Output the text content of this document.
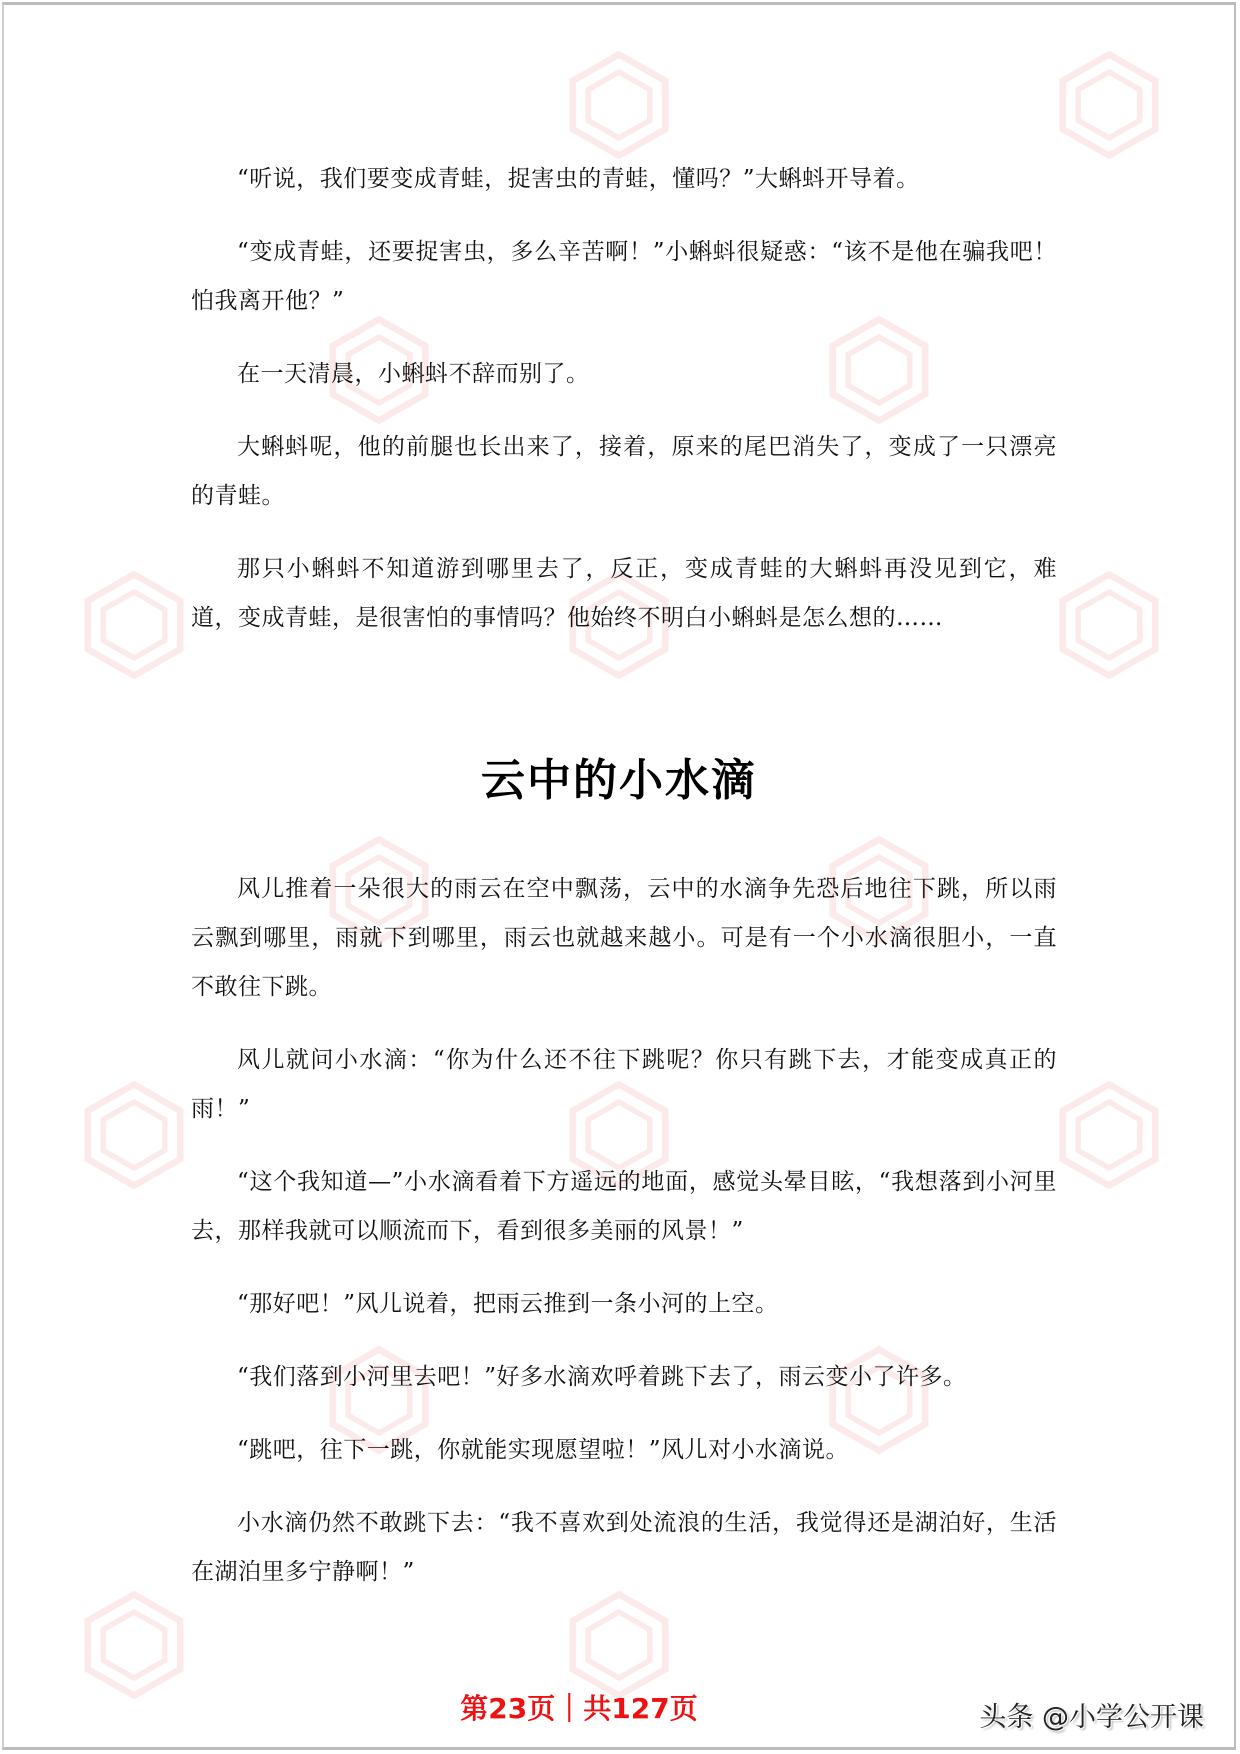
“听说，我们要变成青蛙，捉害虫的青蛙，懂吗？”大蝌蚪开导着。

“变成青蛙，还要捉害虫，多么辛苦啊！”小蝌蚪很疑惑：“该不是他在骗我吧！怕我离开他？”

在一天清晨，小蝌蚪不辞而别了。

大蝌蚪呢，他的前腿也长出来了，接着，原来的尾巴消失了，变成了一只漂亮的青蛙。

那只小蝌蚪不知道游到哪里去了，反正，变成青蛙的大蝌蚪再没见到它，难道，变成青蛙，是很害怕的事情吗？他始终不明白小蝌蚪是怎么想的……

云中的小水滴

风儿推着一朵很大的雨云在空中飘荡，云中的水滴争先恐后地往下跳，所以雨云飘到哪里，雨就下到哪里，雨云也就越来越小。可是有一个小水滴很胆小，一直不敢往下跳。

风儿就问小水滴：“你为什么还不往下跳呢？你只有跳下去，才能变成真正的雨！”

“这个我知道—”小水滴看着下方遥远的地面，感觉头晕目眩，“我想落到小河里去，那样我就可以顺流而下，看到很多美丽的风景！”

“那好吧！”风儿说着，把雨云推到一条小河的上空。

“我们落到小河里去吧！”好多水滴欢呼着跳下去了，雨云变小了许多。

“跳吧，往下一跳，你就能实现愿望啦！”风儿对小水滴说。

小水滴仍然不敢跳下去：“我不喜欢到处流浪的生活，我觉得还是湖泊好，生活在湖泊里多宁静啊！”

第23页｜共127页	头条 @小学公开课
